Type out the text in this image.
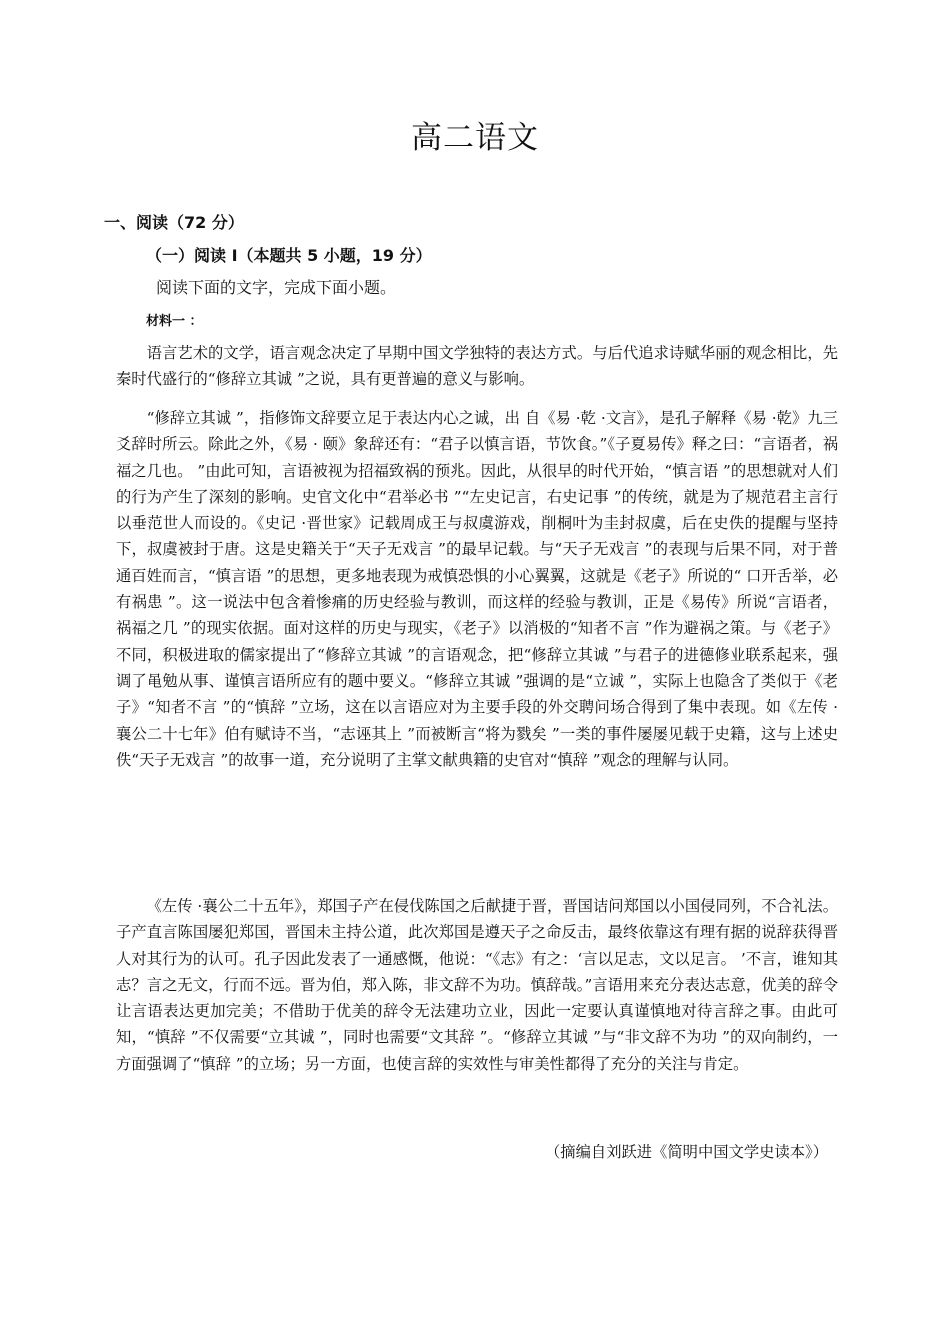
高二语文
一、阅读（72 分）
（一）阅读 Ⅰ（本题共 5 小题，19 分）
阅读下面的文字，完成下面小题。
材料一 ：

语言艺术的文学，语言观念决定了早期中国文学独特的表达方式。与后代追求诗赋华丽的观念相比，先秦时代盛行的“修辞立其诚 ”之说，具有更普遍的意义与影响。

“修辞立其诚 ”，指修饰文辞要立足于表达内心之诚，出 自《易 ·乾 ·文言》，是孔子解释《易 ·乾》九三爻辞时所云。除此之外，《易 · 颐》象辞还有：“君子以慎言语，节饮食。”《子夏易传》释之曰：“言语者，祸福之几也。 ”由此可知，言语被视为招福致祸的预兆。因此，从很早的时代开始，“慎言语 ”的思想就对人们的行为产生了深刻的影响。史官文化中“君举必书 ”“左史记言，右史记事 ”的传统，就是为了规范君主言行以垂范世人而设的。《史记 ·晋世家》记载周成王与叔虞游戏，削桐叶为圭封叔虞，后在史佚的提醒与坚持下，叔虞被封于唐。这是史籍关于“天子无戏言 ”的最早记载。与“天子无戏言 ”的表现与后果不同，对于普通百姓而言，“慎言语 ”的思想，更多地表现为戒慎恐惧的小心翼翼，这就是《老子》所说的“ 口开舌举，必有祸患 ”。这一说法中包含着惨痛的历史经验与教训，而这样的经验与教训，正是《易传》所说“言语者，祸福之几 ”的现实依据。面对这样的历史与现实，《老子》以消极的“知者不言 ”作为避祸之策。与《老子》不同，积极进取的儒家提出了“修辞立其诚 ”的言语观念，把“修辞立其诚 ”与君子的进德修业联系起来，强调了黾勉从事、谨慎言语所应有的题中要义。“修辞立其诚 ”强调的是“立诚 ”，实际上也隐含了类似于《老子》“知者不言 ”的“慎辞 ”立场，这在以言语应对为主要手段的外交聘问场合得到了集中表现。如《左传 ·襄公二十七年》伯有赋诗不当，“志诬其上 ”而被断言“将为戮矣 ”一类的事件屡屡见载于史籍，这与上述史佚“天子无戏言 ”的故事一道，充分说明了主掌文献典籍的史官对“慎辞 ”观念的理解与认同。

《左传 ·襄公二十五年》，郑国子产在侵伐陈国之后献捷于晋，晋国诘问郑国以小国侵同列，不合礼法。子产直言陈国屡犯郑国，晋国未主持公道，此次郑国是遵天子之命反击，最终依靠这有理有据的说辞获得晋人对其行为的认可。孔子因此发表了一通感慨，他说：“《志》有之：‘言以足志，文以足言。 ’不言，谁知其志？言之无文，行而不远。晋为伯，郑入陈，非文辞不为功。慎辞哉。”言语用来充分表达志意，优美的辞令让言语表达更加完美；不借助于优美的辞令无法建功立业，因此一定要认真谨慎地对待言辞之事。由此可知，“慎辞 ”不仅需要“立其诚 ”，同时也需要“文其辞 ”。“修辞立其诚 ”与“非文辞不为功 ”的双向制约，一方面强调了“慎辞 ”的立场；另一方面，也使言辞的实效性与审美性都得了充分的关注与肯定。

（摘编自刘跃进《简明中国文学史读本》）
